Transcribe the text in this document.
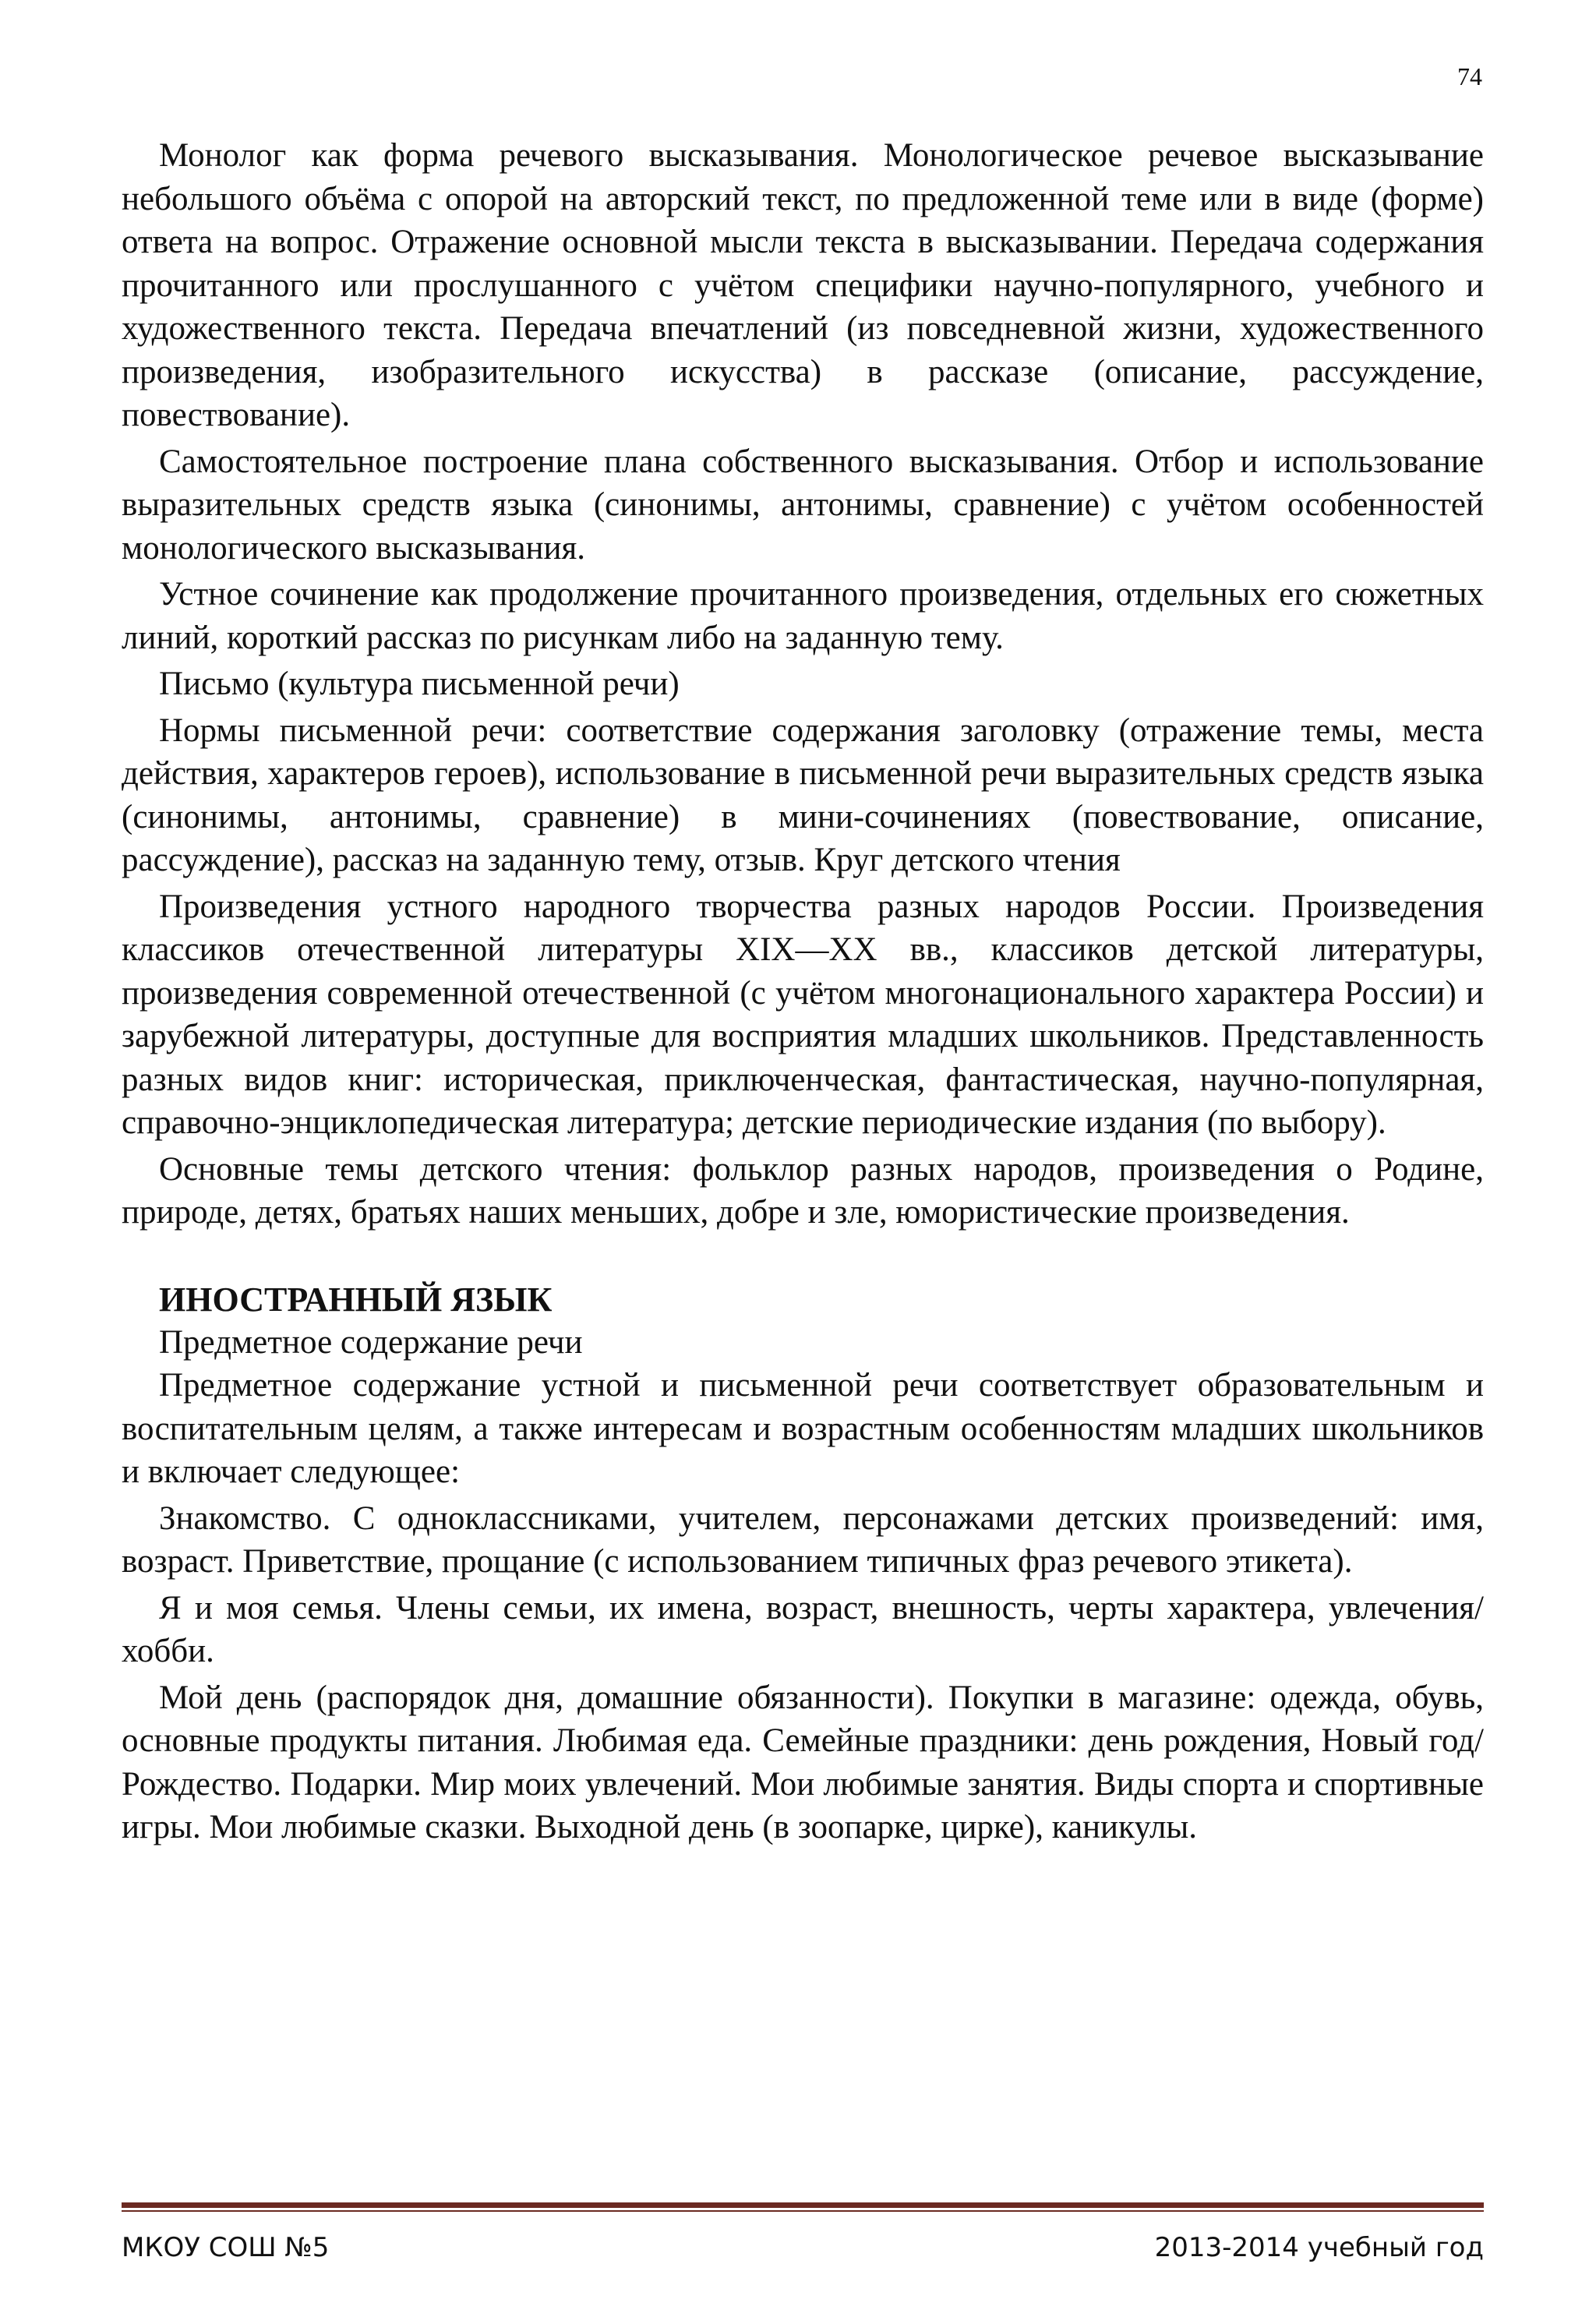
74

Монолог как форма речевого высказывания. Монологическое речевое высказывание небольшого объёма с опорой на авторский текст, по предложенной теме или в виде (форме) ответа на вопрос. Отражение основной мысли текста в высказывании. Передача содержания прочитанного или прослушанного с учётом специфики научно-популярного, учебного и художественного текста. Передача впечатлений (из повседневной жизни, художественного произведения, изобразительного искусства) в рассказе (описание, рассуждение, повествование).

Самостоятельное построение плана собственного высказывания. Отбор и использование выразительных средств языка (синонимы, антонимы, сравнение) с учётом особенностей монологического высказывания.

Устное сочинение как продолжение прочитанного произведения, отдельных его сюжетных линий, короткий рассказ по рисункам либо на заданную тему.

Письмо (культура письменной речи)

Нормы письменной речи: соответствие содержания заголовку (отражение темы, места действия, характеров героев), использование в письменной речи выразительных средств языка (синонимы, антонимы, сравнение) в мини-сочинениях (повествование, описание, рассуждение), рассказ на заданную тему, отзыв. Круг детского чтения

Произведения устного народного творчества разных народов России. Произведения классиков отечественной литературы XIX—ХХ вв., классиков детской литературы, произведения современной отечественной (с учётом многонационального характера России) и зарубежной литературы, доступные для восприятия младших школьников. Представленность разных видов книг: историческая, приключенческая, фантастическая, научно-популярная, справочно-энциклопедическая литература; детские периодические издания (по выбору).

Основные темы детского чтения: фольклор разных народов, произведения о Родине, природе, детях, братьях наших меньших, добре и зле, юмористические произведения.

ИНОСТРАННЫЙ ЯЗЫК

Предметное содержание речи

Предметное содержание устной и письменной речи соответствует образовательным и воспитательным целям, а также интересам и возрастным особенностям младших школьников и включает следующее:

Знакомство. С одноклассниками, учителем, персонажами детских произведений: имя, возраст. Приветствие, прощание (с использованием типичных фраз речевого этикета).

Я и моя семья. Члены семьи, их имена, возраст, внешность, черты характера, увлечения/хобби.

Мой день (распорядок дня, домашние обязанности). Покупки в магазине: одежда, обувь, основные продукты питания. Любимая еда. Семейные праздники: день рождения, Новый год/Рождество. Подарки. Мир моих увлечений. Мои любимые занятия. Виды спорта и спортивные игры. Мои любимые сказки. Выходной день (в зоопарке, цирке), каникулы.

МКОУ СОШ №5	2013-2014 учебный год
